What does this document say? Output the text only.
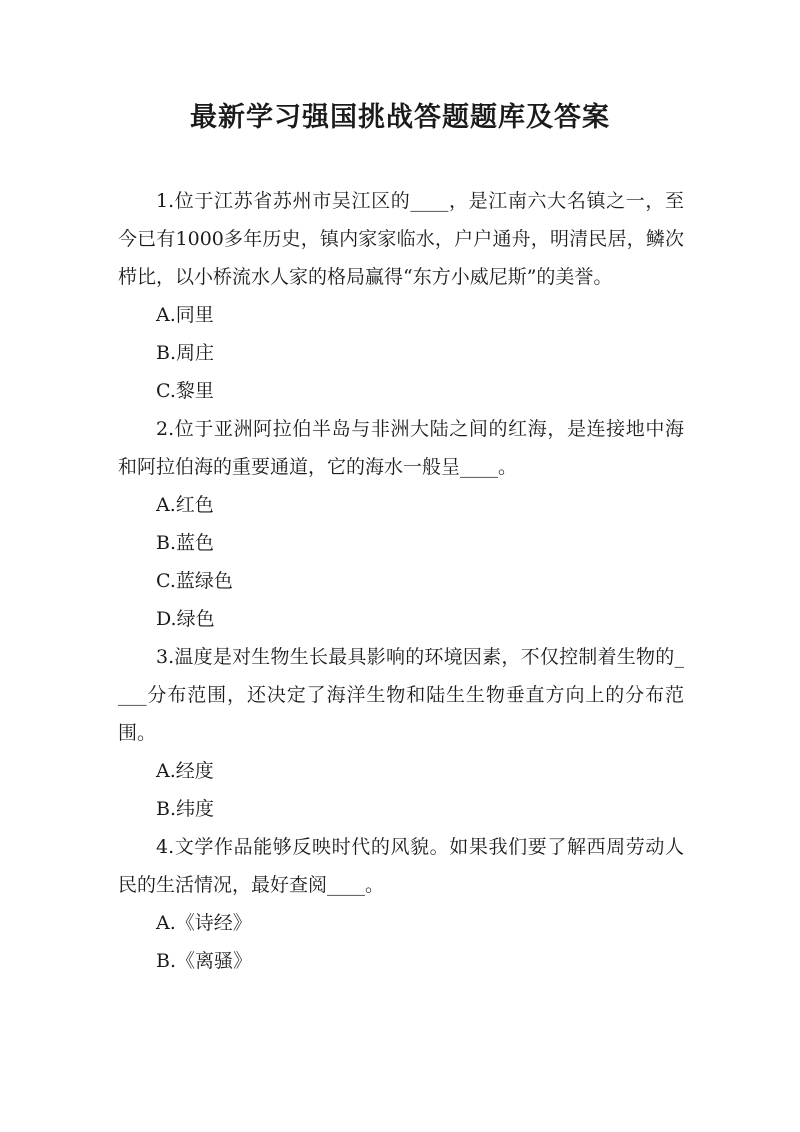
最新学习强国挑战答题题库及答案

1.位于江苏省苏州市吴江区的____，是江南六大名镇之一，至今已有1000多年历史，镇内家家临水，户户通舟，明清民居，鳞次栉比，以小桥流水人家的格局赢得“东方小威尼斯”的美誉。

A.同里

B.周庄

C.黎里

2.位于亚洲阿拉伯半岛与非洲大陆之间的红海，是连接地中海和阿拉伯海的重要通道，它的海水一般呈____。

A.红色

B.蓝色

C.蓝绿色

D.绿色

3.温度是对生物生长最具影响的环境因素，不仅控制着生物的____分布范围，还决定了海洋生物和陆生生物垂直方向上的分布范围。

A.经度

B.纬度

4.文学作品能够反映时代的风貌。如果我们要了解西周劳动人民的生活情况，最好查阅____。

A.《诗经》

B.《离骚》
